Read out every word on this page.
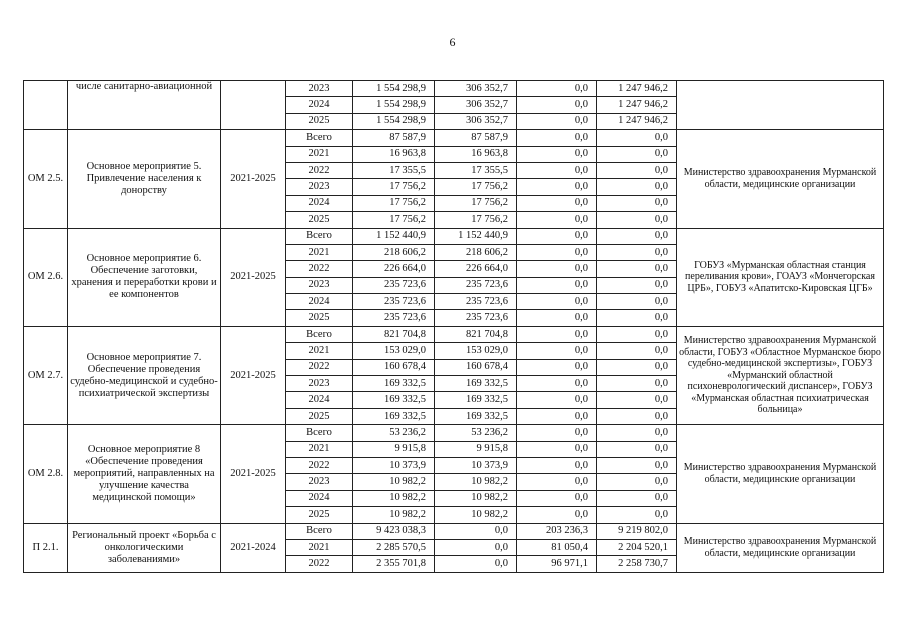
6
	числе санитарно-авиационной		2023	1 554 298,9	306 352,7	0,0	1 247 946,2	
			2024	1 554 298,9	306 352,7	0,0	1 247 946,2	
			2025	1 554 298,9	306 352,7	0,0	1 247 946,2	
ОМ 2.5.	Основное мероприятие 5. Привлечение населения к донорству	2021-2025	Всего	87 587,9	87 587,9	0,0	0,0	Министерство здравоохранения Мурманской области, медицинские организации
			2021	16 963,8	16 963,8	0,0	0,0	
			2022	17 355,5	17 355,5	0,0	0,0	
			2023	17 756,2	17 756,2	0,0	0,0	
			2024	17 756,2	17 756,2	0,0	0,0	
			2025	17 756,2	17 756,2	0,0	0,0	
ОМ 2.6.	Основное мероприятие 6. Обеспечение заготовки, хранения и переработки крови и ее компонентов	2021-2025	Всего	1 152 440,9	1 152 440,9	0,0	0,0	ГОБУЗ «Мурманская областная станция переливания крови», ГОАУЗ «Мончегорская ЦРБ», ГОБУЗ «Апатитско-Кировская ЦГБ»
			2021	218 606,2	218 606,2	0,0	0,0	
			2022	226 664,0	226 664,0	0,0	0,0	
			2023	235 723,6	235 723,6	0,0	0,0	
			2024	235 723,6	235 723,6	0,0	0,0	
			2025	235 723,6	235 723,6	0,0	0,0	
ОМ 2.7.	Основное мероприятие 7. Обеспечение проведения судебно-медицинской и судебно-психиатрической экспертизы	2021-2025	Всего	821 704,8	821 704,8	0,0	0,0	Министерство здравоохранения Мурманской области, ГОБУЗ «Областное Мурманское бюро судебно-медицинской экспертизы», ГОБУЗ «Мурманский областной психоневрологический диспансер», ГОБУЗ «Мурманская областная психиатрическая больница»
			2021	153 029,0	153 029,0	0,0	0,0	
			2022	160 678,4	160 678,4	0,0	0,0	
			2023	169 332,5	169 332,5	0,0	0,0	
			2024	169 332,5	169 332,5	0,0	0,0	
			2025	169 332,5	169 332,5	0,0	0,0	
ОМ 2.8.	Основное мероприятие 8 «Обеспечение проведения мероприятий, направленных на улучшение качества медицинской помощи»	2021-2025	Всего	53 236,2	53 236,2	0,0	0,0	Министерство здравоохранения Мурманской области, медицинские организации
			2021	9 915,8	9 915,8	0,0	0,0	
			2022	10 373,9	10 373,9	0,0	0,0	
			2023	10 982,2	10 982,2	0,0	0,0	
			2024	10 982,2	10 982,2	0,0	0,0	
			2025	10 982,2	10 982,2	0,0	0,0	
П 2.1.	Региональный проект «Борьба с онкологическими заболеваниями»	2021-2024	Всего	9 423 038,3	0,0	203 236,3	9 219 802,0	Министерство здравоохранения Мурманской области, медицинские организации
			2021	2 285 570,5	0,0	81 050,4	2 204 520,1	
			2022	2 355 701,8	0,0	96 971,1	2 258 730,7	
